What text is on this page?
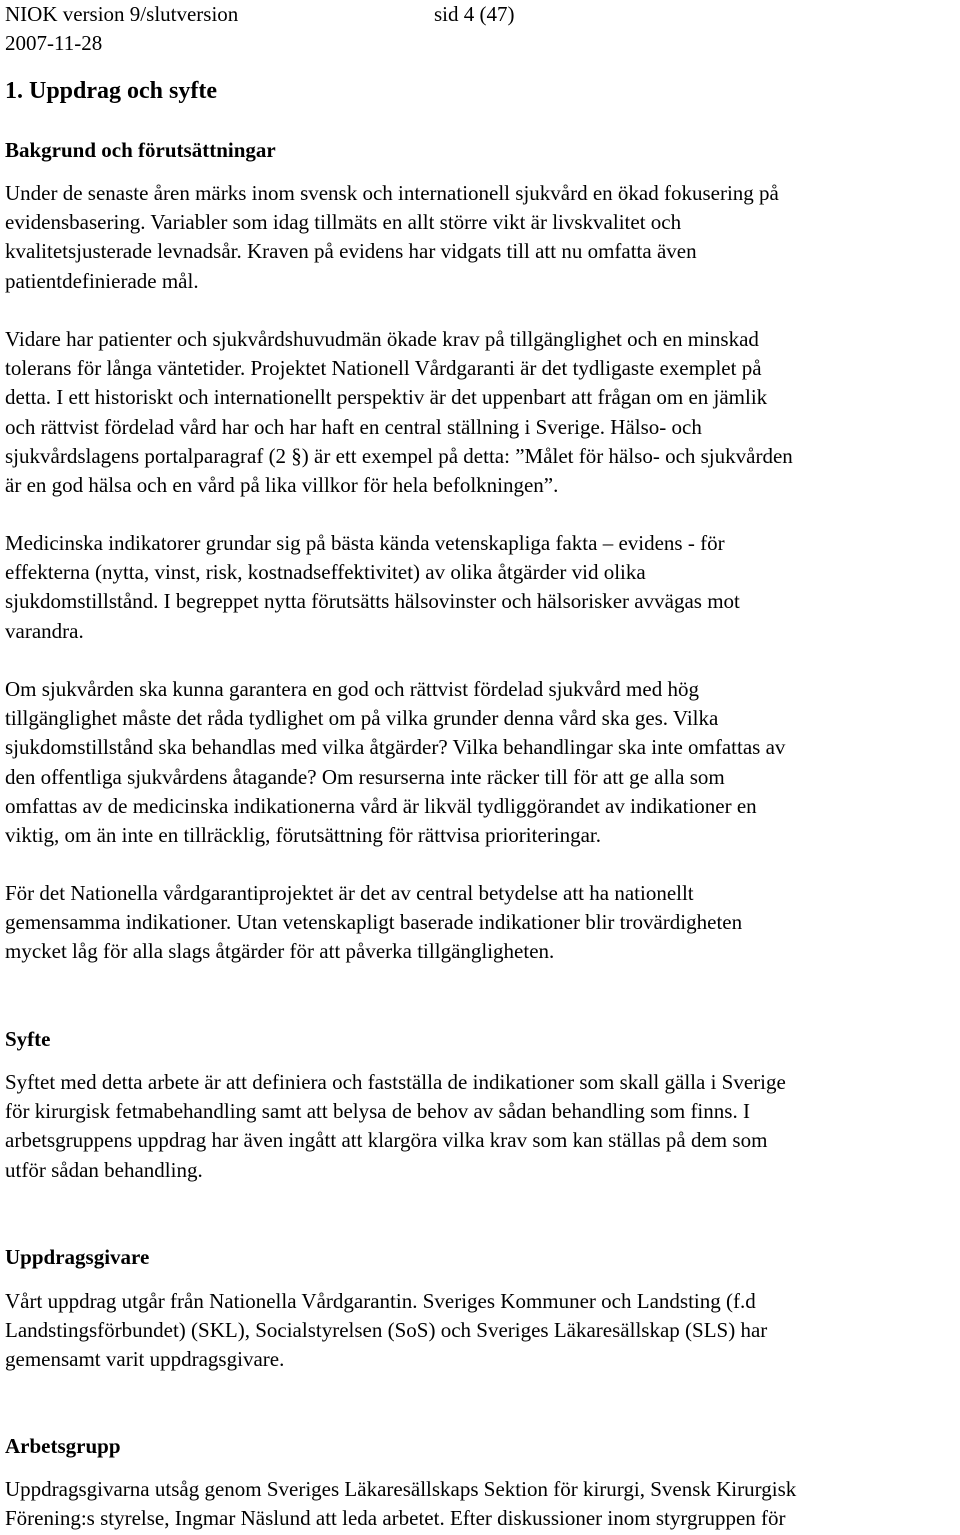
NIOK version 9/slutversion	sid 4 (47)
2007-11-28
1. Uppdrag och syfte
Bakgrund och förutsättningar
Under de senaste åren märks inom svensk och internationell sjukvård en ökad fokusering på
evidensbasering. Variabler som idag tillmäts en allt större vikt är livskvalitet och
kvalitetsjusterade levnadsår. Kraven på evidens har vidgats till att nu omfatta även
patientdefinierade mål.
Vidare har patienter och sjukvårdshuvudmän ökade krav på tillgänglighet och en minskad
tolerans för långa väntetider. Projektet Nationell Vårdgaranti är det tydligaste exemplet på
detta. I ett historiskt och internationellt perspektiv är det uppenbart att frågan om en jämlik
och rättvist fördelad vård har och har haft en central ställning i Sverige. Hälso- och
sjukvårdslagens portalparagraf (2 §) är ett exempel på detta: ”Målet för hälso- och sjukvården
är en god hälsa och en vård på lika villkor för hela befolkningen”.
Medicinska indikatorer grundar sig på bästa kända vetenskapliga fakta – evidens - för
effekterna (nytta, vinst, risk, kostnadseffektivitet) av olika åtgärder vid olika
sjukdomstillstånd. I begreppet nytta förutsätts hälsovinster och hälsorisker avvägas mot
varandra.
Om sjukvården ska kunna garantera en god och rättvist fördelad sjukvård med hög
tillgänglighet måste det råda tydlighet om på vilka grunder denna vård ska ges. Vilka
sjukdomstillstånd ska behandlas med vilka åtgärder? Vilka behandlingar ska inte omfattas av
den offentliga sjukvårdens åtagande? Om resurserna inte räcker till för att ge alla som
omfattas av de medicinska indikationerna vård är likväl tydliggörandet av indikationer en
viktig, om än inte en tillräcklig, förutsättning för rättvisa prioriteringar.
För det Nationella vårdgarantiprojektet är det av central betydelse att ha nationellt
gemensamma indikationer. Utan vetenskapligt baserade indikationer blir trovärdigheten
mycket låg för alla slags åtgärder för att påverka tillgängligheten.
Syfte
Syftet med detta arbete är att definiera och fastställa de indikationer som skall gälla i Sverige
för kirurgisk fetmabehandling samt att belysa de behov av sådan behandling som finns. I
arbetsgruppens uppdrag har även ingått att klargöra vilka krav som kan ställas på dem som
utför sådan behandling.
Uppdragsgivare
Vårt uppdrag utgår från Nationella Vårdgarantin. Sveriges Kommuner och Landsting (f.d
Landstingsförbundet) (SKL), Socialstyrelsen (SoS) och Sveriges Läkaresällskap (SLS) har
gemensamt varit uppdragsgivare.
Arbetsgrupp
Uppdragsgivarna utsåg genom Sveriges Läkaresällskaps Sektion för kirurgi, Svensk Kirurgisk
Förening:s styrelse, Ingmar Näslund att leda arbetet. Efter diskussioner inom styrgruppen för
